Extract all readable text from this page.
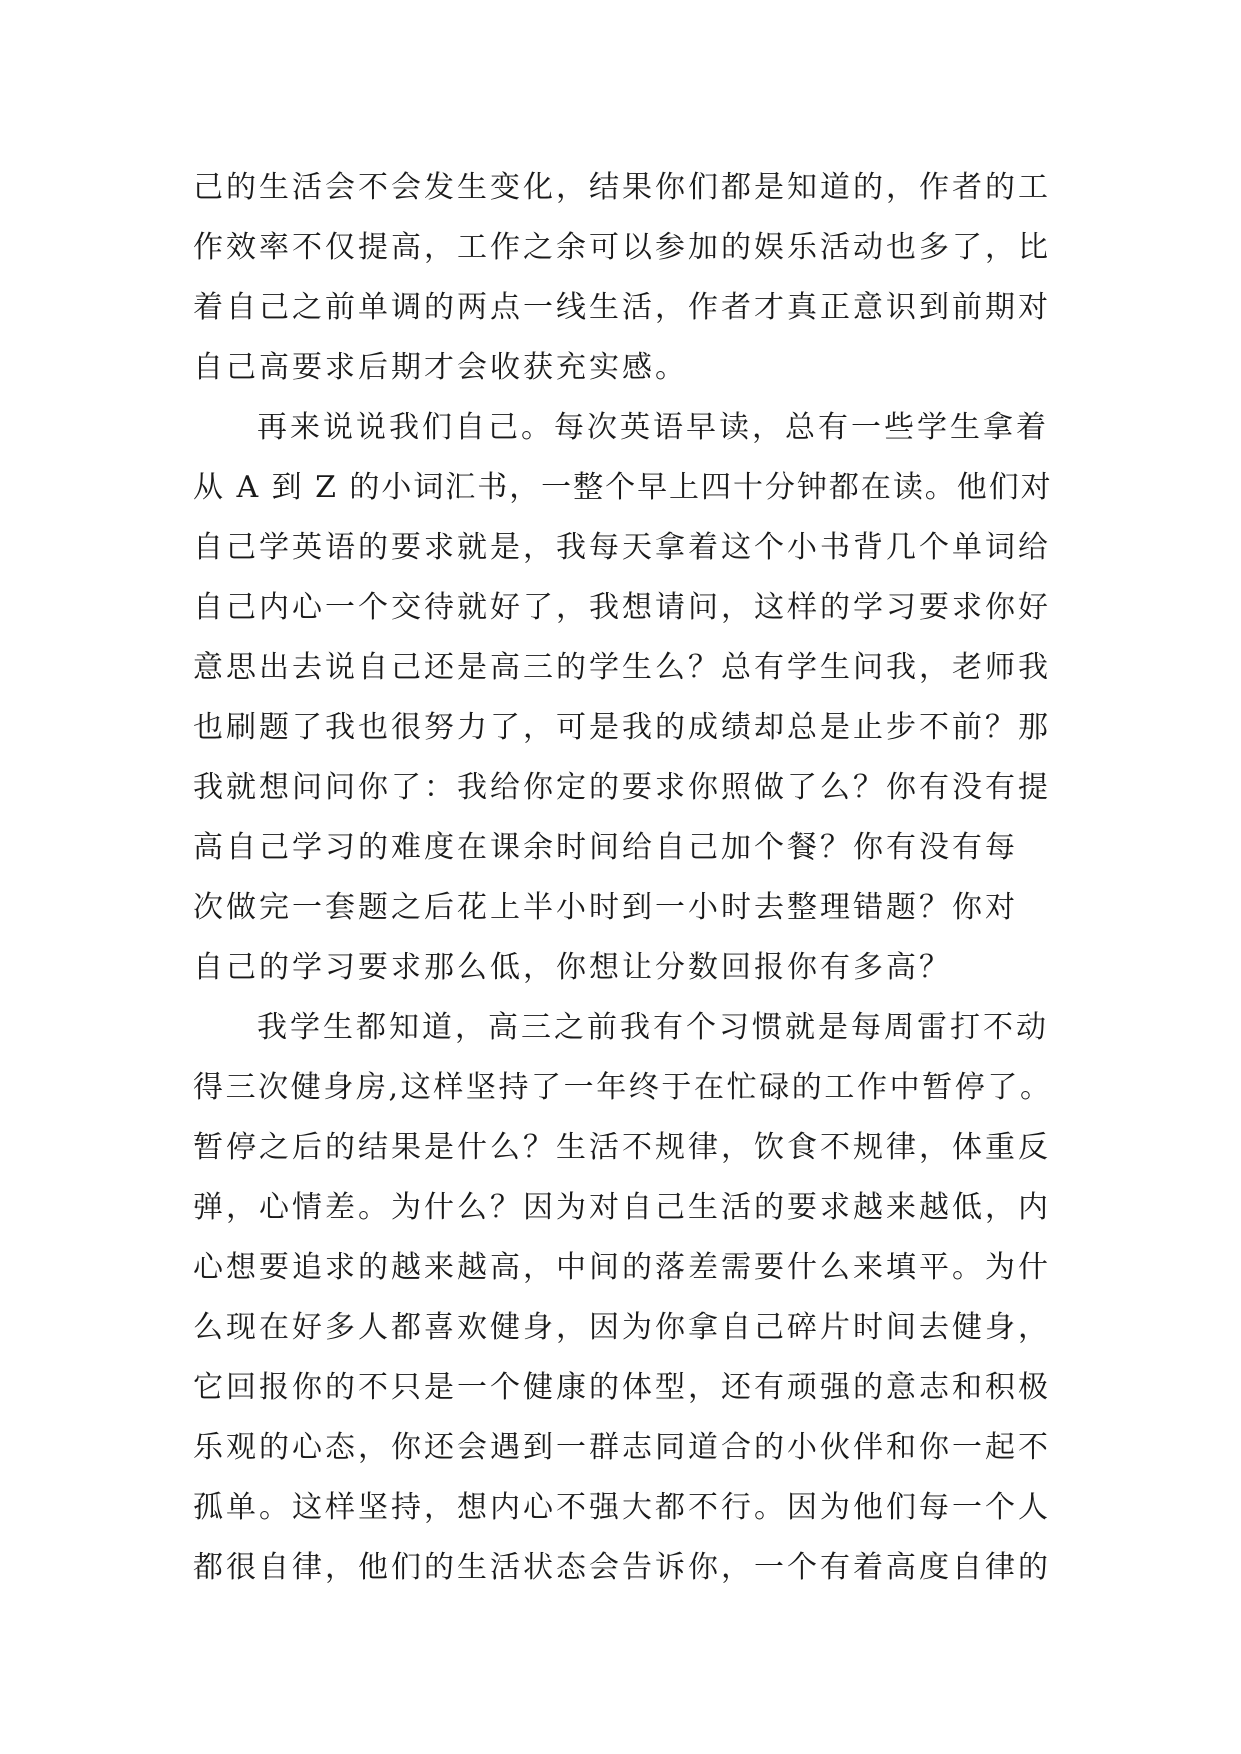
己的生活会不会发生变化，结果你们都是知道的，作者的工
作效率不仅提高，工作之余可以参加的娱乐活动也多了，比
着自己之前单调的两点一线生活，作者才真正意识到前期对
自己高要求后期才会收获充实感。
再来说说我们自己。每次英语早读，总有一些学生拿着
从 A 到 Z 的小词汇书，一整个早上四十分钟都在读。他们对
自己学英语的要求就是，我每天拿着这个小书背几个单词给
自己内心一个交待就好了，我想请问，这样的学习要求你好
意思出去说自己还是高三的学生么？总有学生问我，老师我
也刷题了我也很努力了，可是我的成绩却总是止步不前？那
我就想问问你了：我给你定的要求你照做了么？你有没有提
高自己学习的难度在课余时间给自己加个餐？你有没有每
次做完一套题之后花上半小时到一小时去整理错题？你对
自己的学习要求那么低，你想让分数回报你有多高？
我学生都知道，高三之前我有个习惯就是每周雷打不动
得三次健身房,这样坚持了一年终于在忙碌的工作中暂停了。
暂停之后的结果是什么？生活不规律，饮食不规律，体重反
弹，心情差。为什么？因为对自己生活的要求越来越低，内
心想要追求的越来越高，中间的落差需要什么来填平。为什
么现在好多人都喜欢健身，因为你拿自己碎片时间去健身，
它回报你的不只是一个健康的体型，还有顽强的意志和积极
乐观的心态，你还会遇到一群志同道合的小伙伴和你一起不
孤单。这样坚持，想内心不强大都不行。因为他们每一个人
都很自律，他们的生活状态会告诉你，一个有着高度自律的
